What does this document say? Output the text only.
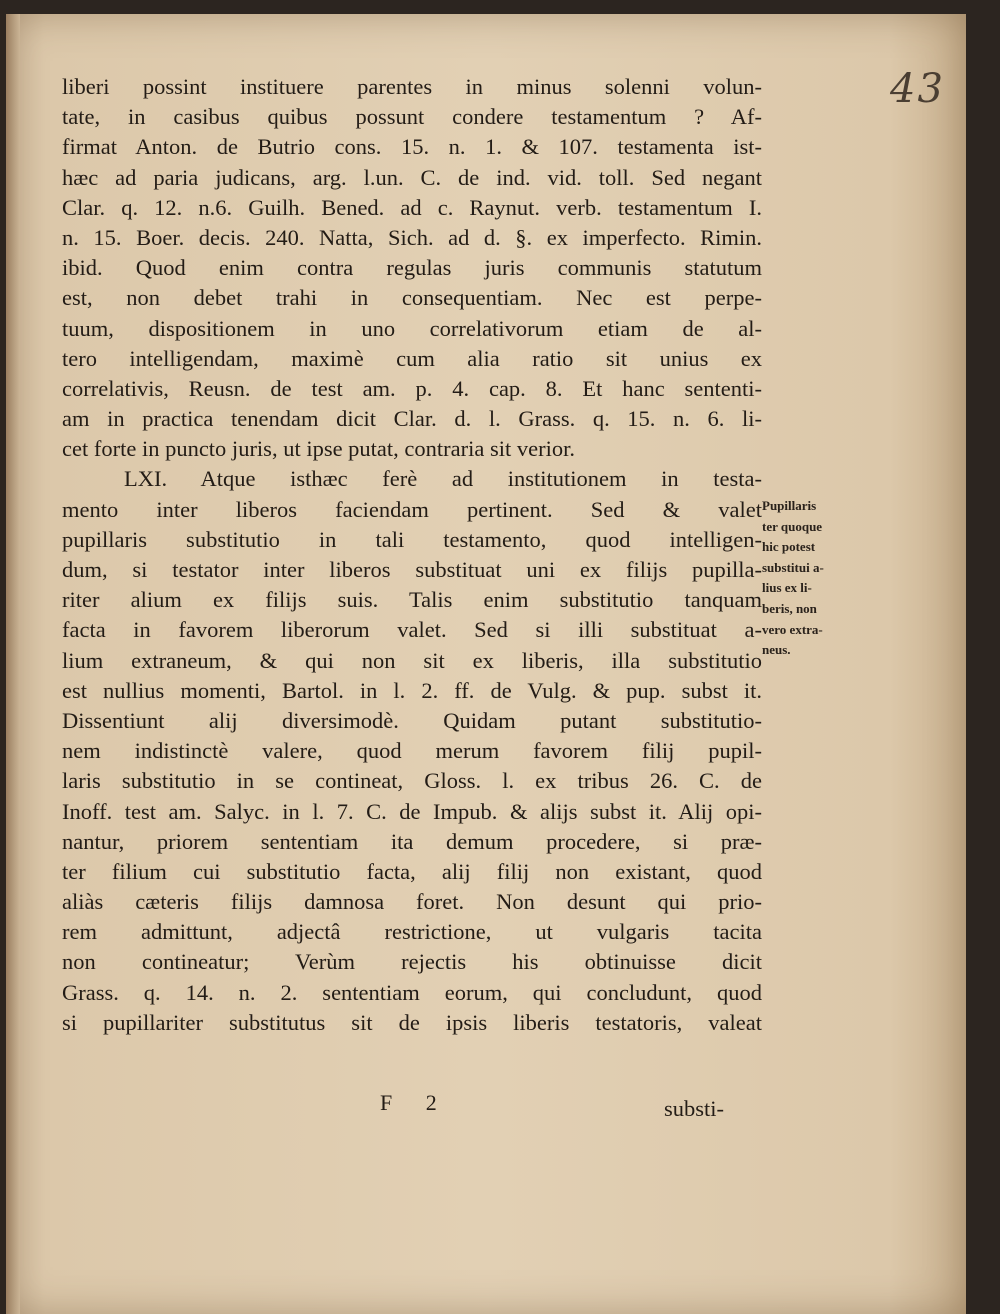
43
liberi possint instituere parentes in minus solenni volun-
tate, in casibus quibus possunt condere testamentum ? Af-
firmat Anton. de Butrio cons. 15. n. 1. & 107. testamenta ist-
hæc ad paria judicans, arg. l.un. C. de ind. vid. toll. Sed negant
Clar. q. 12. n.6. Guilh. Bened. ad c. Raynut. verb. testamentum I.
n. 15. Boer. decis. 240. Natta, Sich. ad d. §. ex imperfecto. Rimin.
ibid. Quod enim contra regulas juris communis statutum
est, non debet trahi in consequentiam. Nec est perpe-
tuum, dispositionem in uno correlativorum etiam de al-
tero intelligendam, maximè cum alia ratio sit unius ex
correlativis, Reusn. de test am. p. 4. cap. 8. Et hanc sententi-
am in practica tenendam dicit Clar. d. l. Grass. q. 15. n. 6. li-
cet forte in puncto juris, ut ipse putat, contraria sit verior.
LXI. Atque isthæc ferè ad institutionem in testa-
mento inter liberos faciendam pertinent. Sed & valet
pupillaris substitutio in tali testamento, quod intelligen-
dum, si testator inter liberos substituat uni ex filijs pupilla-
riter alium ex filijs suis. Talis enim substitutio tanquam
facta in favorem liberorum valet. Sed si illi substituat a-
lium extraneum, & qui non sit ex liberis, illa substitutio
est nullius momenti, Bartol. in l. 2. ff. de Vulg. & pup. subst it.
Dissentiunt alij diversimodè. Quidam putant substitutio-
nem indistinctè valere, quod merum favorem filij pupil-
laris substitutio in se contineat, Gloss. l. ex tribus 26. C. de
Inoff. test am. Salyc. in l. 7. C. de Impub. & alijs subst it. Alij opi-
nantur, priorem sententiam ita demum procedere, si præ-
ter filium cui substitutio facta, alij filij non existant, quod
aliàs cæteris filijs damnosa foret. Non desunt qui prio-
rem admittunt, adjectâ restrictione, ut vulgaris tacita
non contineatur; Verùm rejectis his obtinuisse dicit
Grass. q. 14. n. 2. sententiam eorum, qui concludunt, quod
si pupillariter substitutus sit de ipsis liberis testatoris, valeat
F 2	substi-
Pupillaris
ter quoque
hic potest
substitui a-
lius ex li-
beris, non
vero extra-
neus.
